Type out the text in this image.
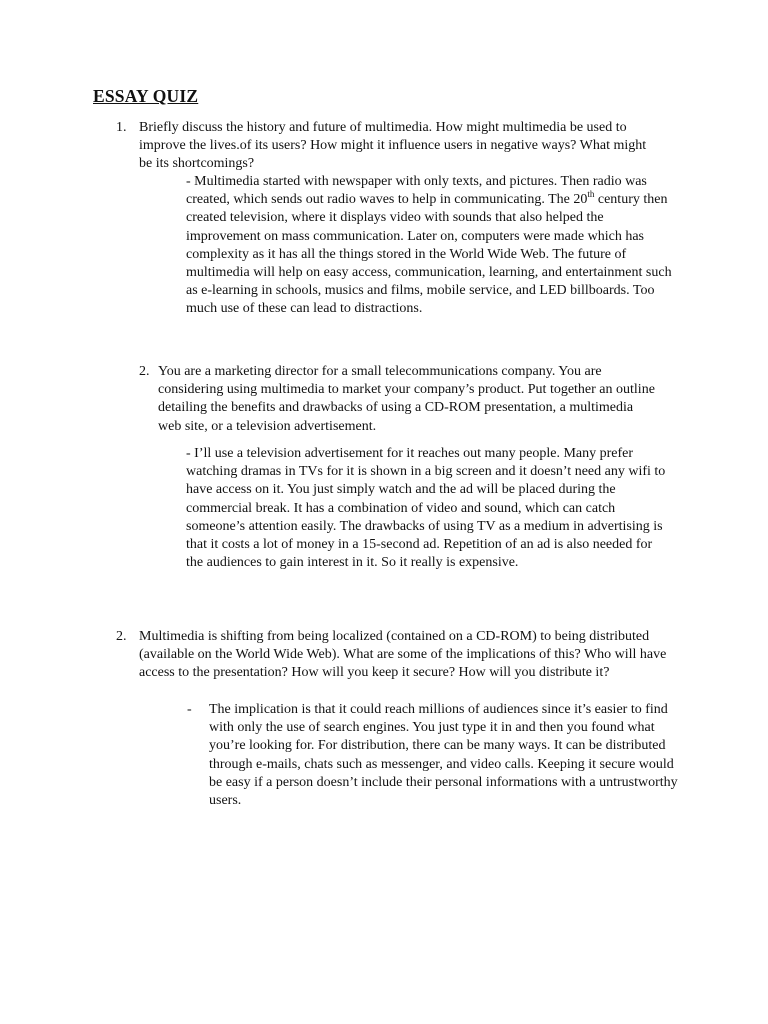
ESSAY QUIZ
1. Briefly discuss the history and future of multimedia. How might multimedia be used to improve the lives.of its users? How might it influence users in negative ways? What might be its shortcomings?

- Multimedia started with newspaper with only texts, and pictures. Then radio was created, which sends out radio waves to help in communicating. The 20th century then created television, where it displays video with sounds that also helped the improvement on mass communication. Later on, computers were made which has complexity as it has all the things stored in the World Wide Web. The future of multimedia will help on easy access, communication, learning, and entertainment such as e-learning in schools, musics and films, mobile service, and LED billboards. Too much use of these can lead to distractions.

2. You are a marketing director for a small telecommunications company. You are considering using multimedia to market your company’s product. Put together an outline detailing the benefits and drawbacks of using a CD-ROM presentation, a multimedia web site, or a television advertisement.

- I’ll use a television advertisement for it reaches out many people. Many prefer watching dramas in TVs for it is shown in a big screen and it doesn’t need any wifi to have access on it. You just simply watch and the ad will be placed during the commercial break. It has a combination of video and sound, which can catch someone’s attention easily. The drawbacks of using TV as a medium in advertising is that it costs a lot of money in a 15-second ad. Repetition of an ad is also needed for the audiences to gain interest in it. So it really is expensive.

2. Multimedia is shifting from being localized (contained on a CD-ROM) to being distributed (available on the World Wide Web). What are some of the implications of this? Who will have access to the presentation? How will you keep it secure? How will you distribute it?

- The implication is that it could reach millions of audiences since it’s easier to find with only the use of search engines. You just type it in and then you found what you’re looking for. For distribution, there can be many ways. It can be distributed through e-mails, chats such as messenger, and video calls. Keeping it secure would be easy if a person doesn’t include their personal informations with a untrustworthy users.
